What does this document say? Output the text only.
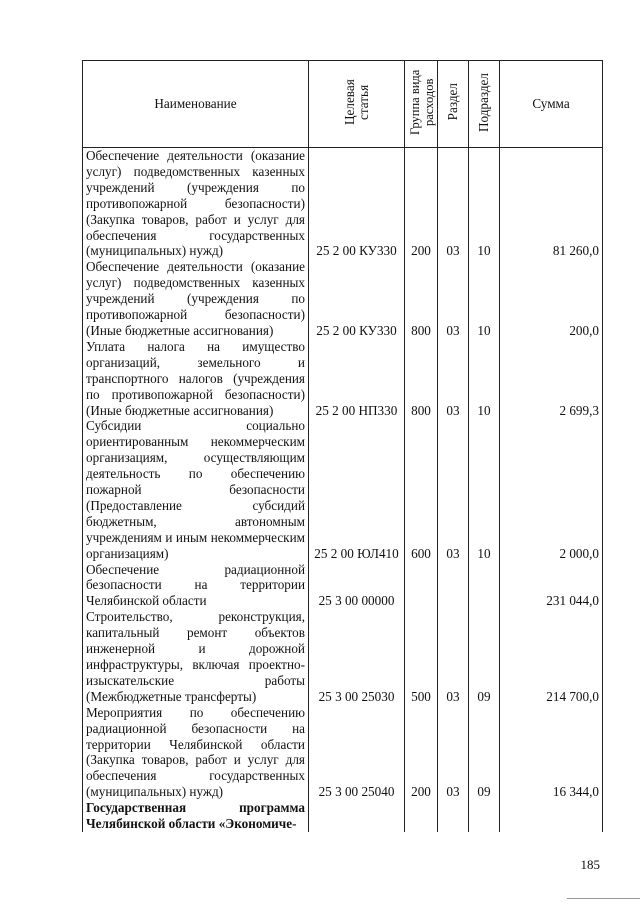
Наименование	Целевая статья	Группа вида расходов	Раздел	Подраздел	Сумма
Обеспечение деятельности (оказание услуг) подведомственных казенных учреждений (учреждения по противопожарной безопасности) (Закупка товаров, работ и услуг для обеспечения государственных (муниципальных) нужд)	25 2 00 КУ330	200	03	10	81 260,0
Обеспечение деятельности (оказание услуг) подведомственных казенных учреждений (учреждения по противопожарной безопасности) (Иные бюджетные ассигнования)	25 2 00 КУ330	800	03	10	200,0
Уплата налога на имущество организаций, земельного и транспортного налогов (учреждения по противопожарной безопасности) (Иные бюджетные ассигнования)	25 2 00 НП330	800	03	10	2 699,3
Субсидии социально ориентированным некоммерческим организациям, осуществляющим деятельность по обеспечению пожарной безопасности (Предоставление субсидий бюджетным, автономным учреждениям и иным некоммерческим организациям)	25 2 00 ЮЛ410	600	03	10	2 000,0
Обеспечение радиационной безопасности на территории Челябинской области	25 3 00 00000				231 044,0
Строительство, реконструкция, капитальный ремонт объектов инженерной и дорожной инфраструктуры, включая проектно-изыскательские работы (Межбюджетные трансферты)	25 3 00 25030	500	03	09	214 700,0
Мероприятия по обеспечению радиационной безопасности на территории Челябинской области (Закупка товаров, работ и услуг для обеспечения государственных (муниципальных) нужд)	25 3 00 25040	200	03	09	16 344,0
Государственная программа Челябинской области «Экономиче-					
185
